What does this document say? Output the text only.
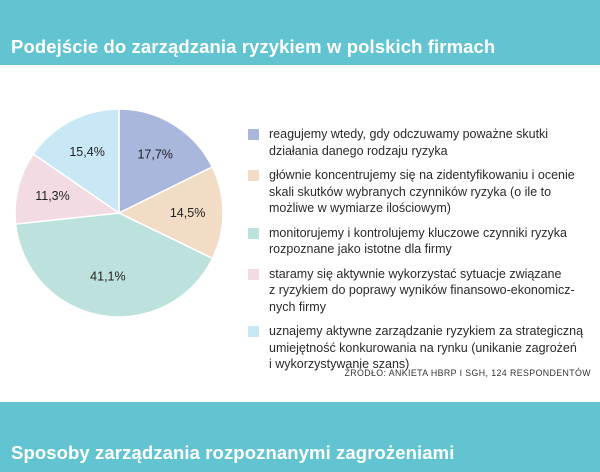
Podejście do zarządzania ryzykiem w polskich firmach
17,7%
14,5%
41,1%
11,3%
15,4%
reagujemy wtedy, gdy odczuwamy poważne skutki
działania danego rodzaju ryzyka
głównie koncentrujemy się na zidentyfikowaniu i ocenie
skali skutków wybranych czynników ryzyka (o ile to
możliwe w wymiarze ilościowym)
monitorujemy i kontrolujemy kluczowe czynniki ryzyka
rozpoznane jako istotne dla firmy
staramy się aktywnie wykorzystać sytuacje związane
z ryzykiem do poprawy wyników finansowo-ekonomicz-
nych firmy
uznajemy aktywne zarządzanie ryzykiem za strategiczną
umiejętność konkurowania na rynku (unikanie zagrożeń
i wykorzystywanie szans)
ŹRÓDŁO: ANKIETA HBRP I SGH, 124 RESPONDENTÓW
Sposoby zarządzania rozpoznanymi zagrożeniami
